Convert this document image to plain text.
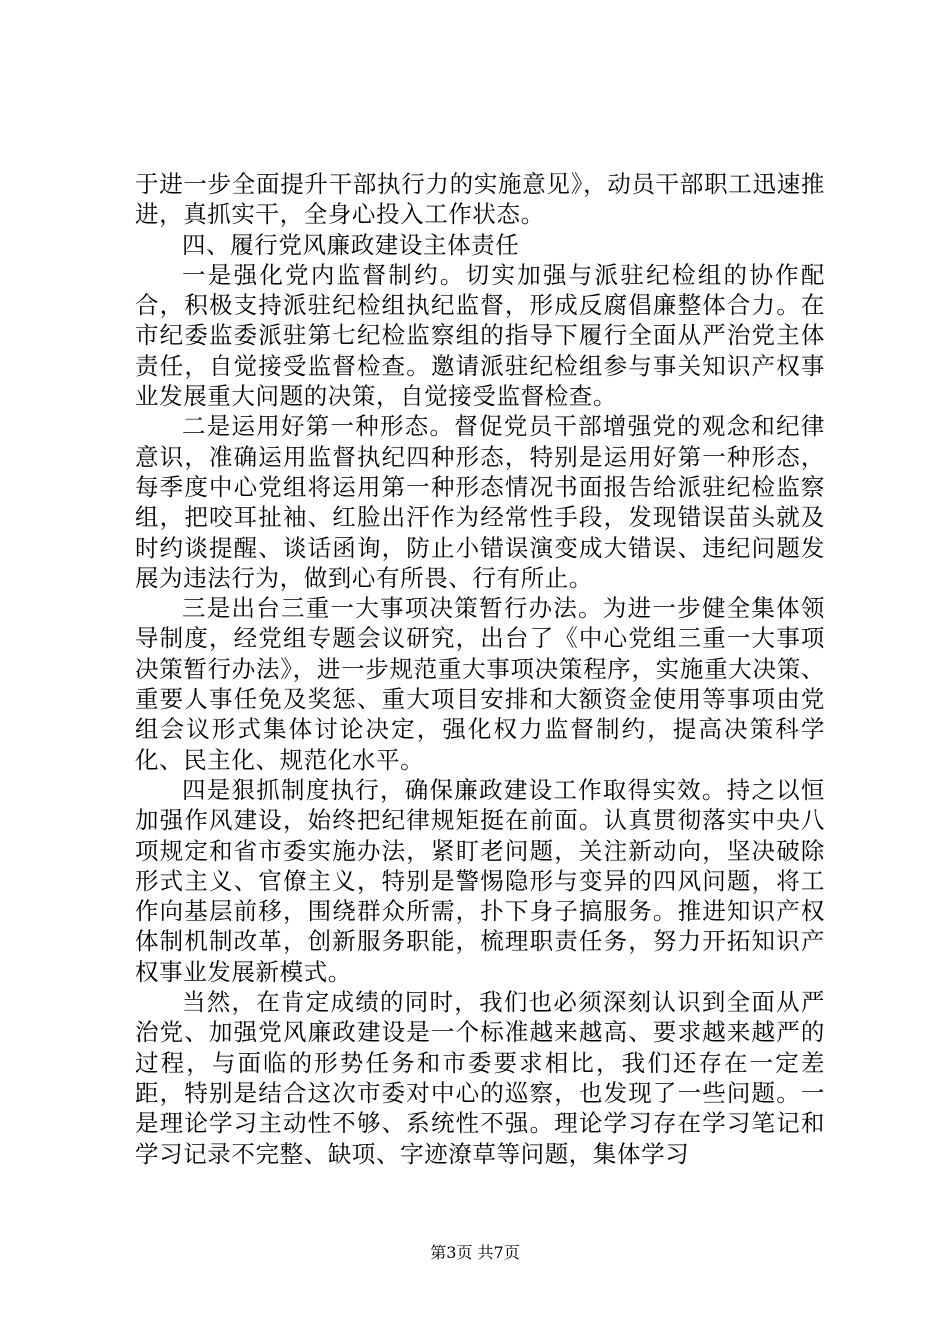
于进一步全面提升干部执行力的实施意见》，动员干部职工迅速推进，真抓实干，全身心投入工作状态。

四、履行党风廉政建设主体责任

一是强化党内监督制约。切实加强与派驻纪检组的协作配合，积极支持派驻纪检组执纪监督，形成反腐倡廉整体合力。在市纪委监委派驻第七纪检监察组的指导下履行全面从严治党主体责任，自觉接受监督检查。邀请派驻纪检组参与事关知识产权事业发展重大问题的决策，自觉接受监督检查。

二是运用好第一种形态。督促党员干部增强党的观念和纪律意识，准确运用监督执纪四种形态，特别是运用好第一种形态，每季度中心党组将运用第一种形态情况书面报告给派驻纪检监察组，把咬耳扯袖、红脸出汗作为经常性手段，发现错误苗头就及时约谈提醒、谈话函询，防止小错误演变成大错误、违纪问题发展为违法行为，做到心有所畏、行有所止。

三是出台三重一大事项决策暂行办法。为进一步健全集体领导制度，经党组专题会议研究，出台了《中心党组三重一大事项决策暂行办法》，进一步规范重大事项决策程序，实施重大决策、重要人事任免及奖惩、重大项目安排和大额资金使用等事项由党组会议形式集体讨论决定，强化权力监督制约，提高决策科学化、民主化、规范化水平。

四是狠抓制度执行，确保廉政建设工作取得实效。持之以恒加强作风建设，始终把纪律规矩挺在前面。认真贯彻落实中央八项规定和省市委实施办法，紧盯老问题，关注新动向，坚决破除形式主义、官僚主义，特别是警惕隐形与变异的四风问题，将工作向基层前移，围绕群众所需，扑下身子搞服务。推进知识产权体制机制改革，创新服务职能，梳理职责任务，努力开拓知识产权事业发展新模式。

当然，在肯定成绩的同时，我们也必须深刻认识到全面从严治党、加强党风廉政建设是一个标准越来越高、要求越来越严的过程，与面临的形势任务和市委要求相比，我们还存在一定差距，特别是结合这次市委对中心的巡察，也发现了一些问题。一是理论学习主动性不够、系统性不强。理论学习存在学习笔记和学习记录不完整、缺项、字迹潦草等问题，集体学习

第3页 共7页
